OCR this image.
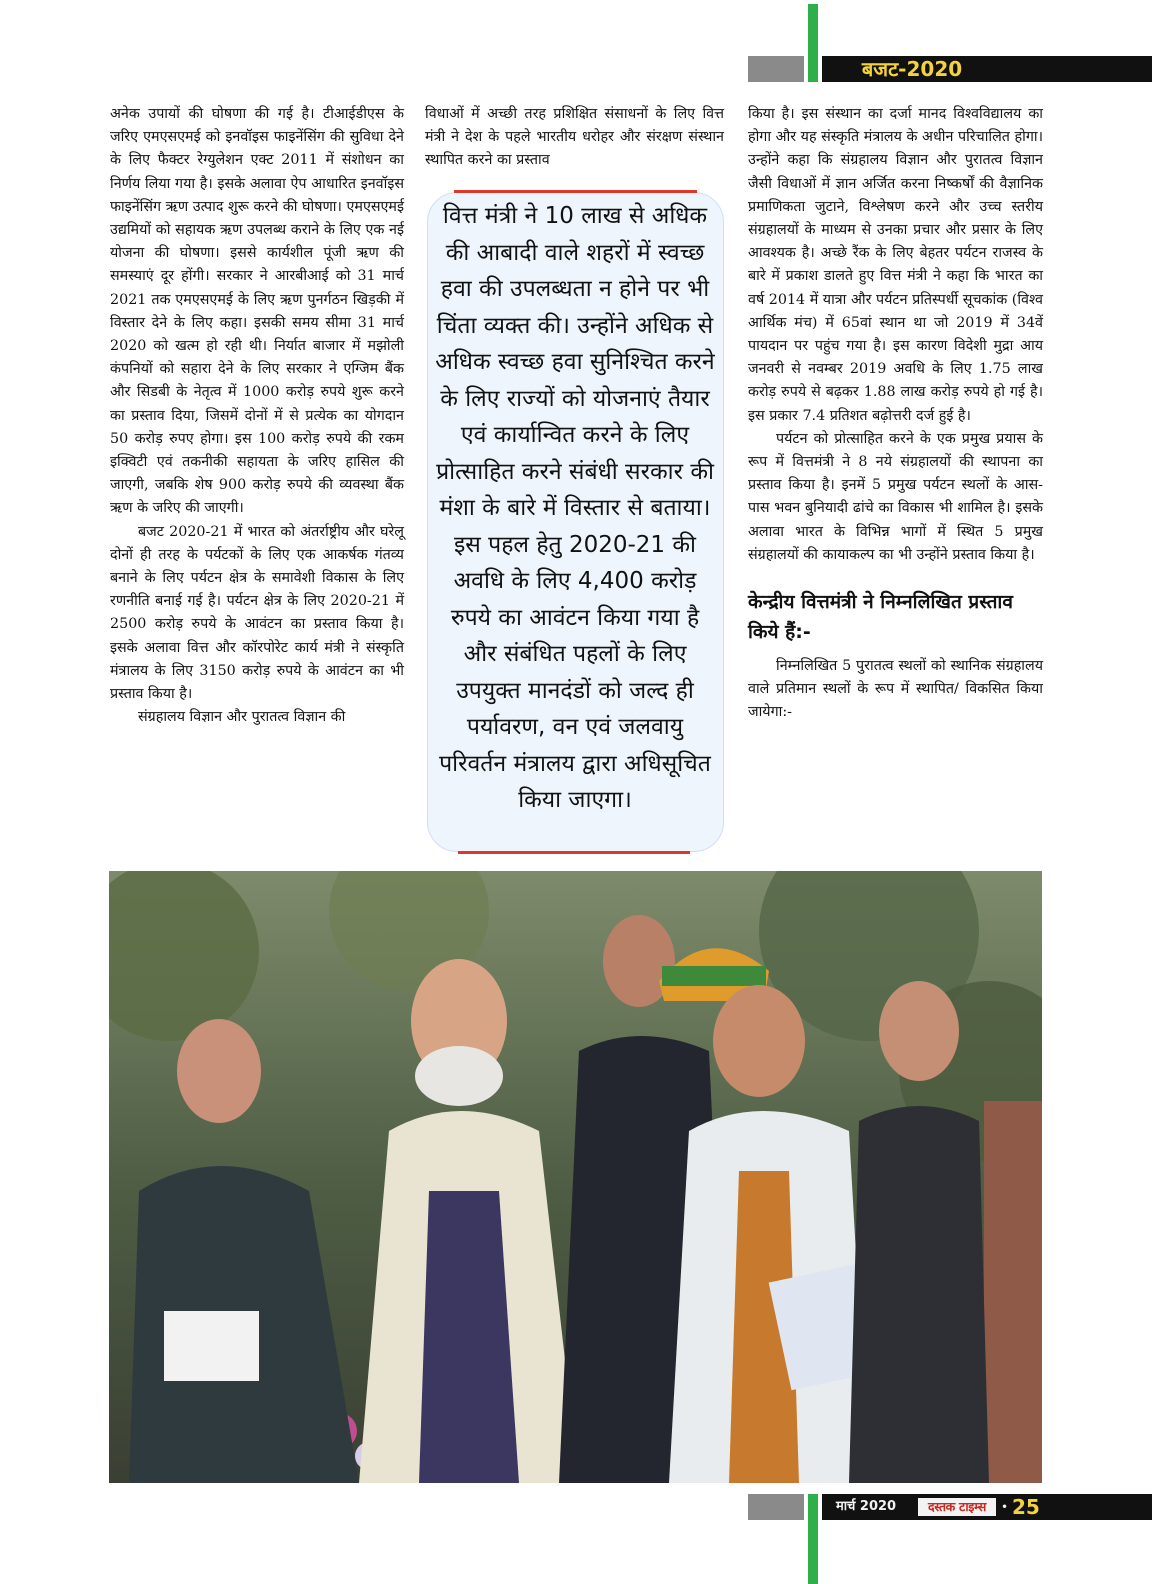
बजट-2020

अनेक उपायों की घोषणा की गई है। टीआईडीएस के जरिए एमएसएमई को इनवॉइस फाइनेंसिंग की सुविधा देने के लिए फैक्टर रेग्युलेशन एक्ट 2011 में संशोधन का निर्णय लिया गया है। इसके अलावा ऐप आधारित इनवॉइस फाइनेंसिंग ऋण उत्पाद शुरू करने की घोषणा। एमएसएमई उद्यमियों को सहायक ऋण उपलब्ध कराने के लिए एक नई योजना की घोषणा। इससे कार्यशील पूंजी ऋण की समस्याएं दूर होंगी। सरकार ने आरबीआई को 31 मार्च 2021 तक एमएसएमई के लिए ऋण पुनर्गठन खिड़की में विस्तार देने के लिए कहा। इसकी समय सीमा 31 मार्च 2020 को खत्म हो रही थी। निर्यात बाजार में मझोली कंपनियों को सहारा देने के लिए सरकार ने एग्जिम बैंक और सिडबी के नेतृत्व में 1000 करोड़ रुपये शुरू करने का प्रस्ताव दिया, जिसमें दोनों में से प्रत्येक का योगदान 50 करोड़ रुपए होगा। इस 100 करोड़ रुपये की रकम इक्विटी एवं तकनीकी सहायता के जरिए हासिल की जाएगी, जबकि शेष 900 करोड़ रुपये की व्यवस्था बैंक ऋण के जरिए की जाएगी।

बजट 2020-21 में भारत को अंतर्राष्ट्रीय और घरेलू दोनों ही तरह के पर्यटकों के लिए एक आकर्षक गंतव्य बनाने के लिए पर्यटन क्षेत्र के समावेशी विकास के लिए रणनीति बनाई गई है। पर्यटन क्षेत्र के लिए 2020-21 में 2500 करोड़ रुपये के आवंटन का प्रस्ताव किया है। इसके अलावा वित्त और कॉरपोरेट कार्य मंत्री ने संस्कृति मंत्रालय के लिए 3150 करोड़ रुपये के आवंटन का भी प्रस्ताव किया है।

संग्रहालय विज्ञान और पुरातत्व विज्ञान की

विधाओं में अच्छी तरह प्रशिक्षित संसाधनों के लिए वित्त मंत्री ने देश के पहले भारतीय धरोहर और संरक्षण संस्थान स्थापित करने का प्रस्ताव

वित्त मंत्री ने 10 लाख से अधिक की आबादी वाले शहरों में स्वच्छ हवा की उपलब्धता न होने पर भी चिंता व्यक्त की। उन्होंने अधिक से अधिक स्वच्छ हवा सुनिश्चित करने के लिए राज्यों को योजनाएं तैयार एवं कार्यान्वित करने के लिए प्रोत्साहित करने संबंधी सरकार की मंशा के बारे में विस्तार से बताया। इस पहल हेतु 2020-21 की अवधि के लिए 4,400 करोड़ रुपये का आवंटन किया गया है और संबंधित पहलों के लिए उपयुक्त मानदंडों को जल्द ही पर्यावरण, वन एवं जलवायु परिवर्तन मंत्रालय द्वारा अधिसूचित किया जाएगा।

किया है। इस संस्थान का दर्जा मानद विश्वविद्यालय का होगा और यह संस्कृति मंत्रालय के अधीन परिचालित होगा। उन्होंने कहा कि संग्रहालय विज्ञान और पुरातत्व विज्ञान जैसी विधाओं में ज्ञान अर्जित करना निष्कर्षों की वैज्ञानिक प्रमाणिकता जुटाने, विश्लेषण करने और उच्च स्तरीय संग्रहालयों के माध्यम से उनका प्रचार और प्रसार के लिए आवश्यक है। अच्छे रैंक के लिए बेहतर पर्यटन राजस्व के बारे में प्रकाश डालते हुए वित्त मंत्री ने कहा कि भारत का वर्ष 2014 में यात्रा और पर्यटन प्रतिस्पर्धी सूचकांक (विश्व आर्थिक मंच) में 65वां स्थान था जो 2019 में 34वें पायदान पर पहुंच गया है। इस कारण विदेशी मुद्रा आय जनवरी से नवम्बर 2019 अवधि के लिए 1.75 लाख करोड़ रुपये से बढ़कर 1.88 लाख करोड़ रुपये हो गई है। इस प्रकार 7.4 प्रतिशत बढ़ोत्तरी दर्ज हुई है।

पर्यटन को प्रोत्साहित करने के एक प्रमुख प्रयास के रूप में वित्तमंत्री ने 8 नये संग्रहालयों की स्थापना का प्रस्ताव किया है। इनमें 5 प्रमुख पर्यटन स्थलों के आस-पास भवन बुनियादी ढांचे का विकास भी शामिल है। इसके अलावा भारत के विभिन्न भागों में स्थित 5 प्रमुख संग्रहालयों की कायाकल्प का भी उन्होंने प्रस्ताव किया है।

केन्द्रीय वित्तमंत्री ने निम्नलिखित प्रस्ताव किये हैं:-

निम्नलिखित 5 पुरातत्व स्थलों को स्थानिक संग्रहालय वाले प्रतिमान स्थलों के रूप में स्थापित/ विकसित किया जायेगा:-

मार्च 2020	दस्तक टाइम्स	• 25
